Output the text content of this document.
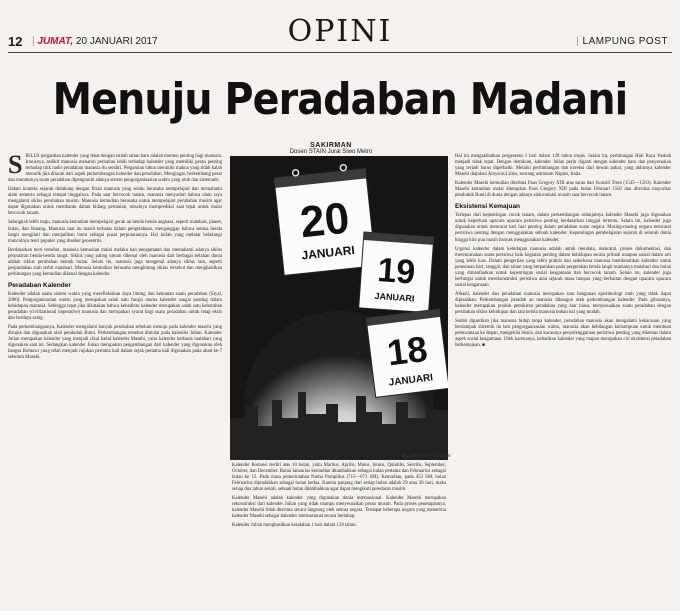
12 | JUMAT, 20 JANUARI 2017	OPINI	| LAMPUNG POST
Menuju Peradaban Madani
SAKIRMAN
Dosen STAIN Jurai Siwo Metro

SIKLUS pergantian kalender yang lekat dengan istilah tahun baru adalah momen penting bagi manusia. Ironisnya, sedikit manusia menaruh perhatian lebih terhadap kalender yang memiliki peran penting terhadap titik nadir peradaban manusia itu sendiri. Pergantian tahun memiliki makna yang tidak kalah menarik jika dilacak dari aspek perkembangan kalender dan peradaban. Mengingat, berkembang pesat dan mundurnya suatu peradaban dipengaruhi adanya sistem pengorganisasian waktu yang utuh dan sistematis.

Dalam konteks sejarah didukung dengan fitrah manusia yang selalu berusaha mempelajari dan memahami alam semesta sebagai tempat tinggalnya. Pada saat bercocok tanam, manusia menyadari bahwa alam raya mengalami siklus perubahan musim. Manusia kemudian berusaha untuk mempelajari perubahan musim agar dapat digunakan untuk membantu dalam bidang pertanian, misalnya memprediksi saat tepat untuk mulai bercocok tanam.

Selangkah lebih maju, manusia kemudian mempelajari gerak an benda benda angkasa, seperti matahari, planet, bulan, dan bintang. Manusia saat itu masih terbatas dalam pengetahuan, menganggap bahwa semua benda langit mengitari dan menjadikan bumi sebagai pusat perputarannya. Hal inilah yang melatar belakangi munculnya teori populer yang disebut geosentris.

Berdasarkan teori tersebut, manusia kemudian mulai melaku kan pengamatan dan memahami adanya siklus perputaran benda-benda langit. Siklus yang paling umum dikenal oleh manusia dari berbagai belahan dunia adalah siklus perubahan bentuk bulan. Selain itu, manusia juga mengenal adanya siklus lain, seperti perpindahan arah terbit matahari. Manusia kemudian berusaha menghitung siklus tersebut dan menghasilkan perhitungan yang kemudian dikenal dengan kalender.

Peradaban Kalender

Kalender adalah suatu sistem waktu yang merefleksikan daya linting dan kekuatan suatu peradaban (Siyal, 2000). Pengorganisasian waktu yang merupakan salah satu fungsi utama kalender sangat penting dalam kehidupan manusia. Sehingga tepat jika dikatakan bahwa kehadiran kalender merupakan salah satu kebutuhan peradaban (civilizational imperative) manusia dan merupakan syarat bagi suatu peradaban untuk tetap eksis dan berdaya saing.

Pada perkembangannya, Kalender mengalami banyak perubahan sebelum menuju pada kalender masehi yang dirujuk dan digunakan oleh penduduk Bumi. Perkembangan tersebut dimulai pada kalender Julian. Kalender Julian merupakan kalender yang menjadi cikal bakal kalender Masehi, yaitu kalender berbasis matahari yang digunakan saat ini. Sedangkan kalender Julian merupakan pengembangan dari kalender yang digunakan oleh bangsa Romawi yang telah menjadi rujukan pertama kali dalam sejak pertama kali digunakan pada abad ke-7 sebelum Masehi.

20
JANUARI 19
JANUARI
18
JANUARI
■ LAMPUNG POST/ADI

Kalender Romawi terdiri atas 10 bulan, yaitu Martius, Aprilis, Maius, Iunius, Quintilis, Sextilis, September, October, dan December. Bulan Ianuarius kemudian ditambahkan sebagai bulan pertama dan Februarius sebagai bulan ke 12. Pada masa pemerintahan Numa Pompilius (715—673 SM). Kemudian, pada 452 SM, bulan Februarius dipindahkan sebagai bulan kedua. Karena panjang dari setiap bulan adalah 29 atau 30 hari, maka setiap dua tahun sekali, sebuah bulan ditambahkan agar dapat mengikuti peredaran musim.

Kalender Masehi adalah kalender yang digunakan dunia internasional. Kalender Masehi merupakan rekonstruksi dari kalender Julian yang tidak mampu menyesuaikan peran musim. Pada proses penetapannya, kalender Masehi tidak diterima secara langsung oleh semua negara. Terdapat beberapa negara yang menerima kalender Masehi sebagai kalender internasional secara bertahap.

Kalender Julian menghasilkan kesalahan 1 hari dalam 128 tahun.

Hal ini mengakibatkan pergeseran 1 hari dalam 128 tahun tropis. Selain itu, perhitungan Hari Raya Paskah menjadi tidak tepat. Dengan demikian, kalender Julian perlu diganti dengan kalender baru dan penyesuaian yang terjadi harus diperbaiki. Melalui pertimbangan dan koreksi dari dewan pakar, yang akhirnya kalender Masehi diajukan Aloysius Lilius, seorang astronom Napies, Italia.

Kalender Masehi kemudian diterima Paus Gregory XIII atas saran dari Konsili Trent (1545—1563). Kalender Masehi kemudian mulai diterapkan Paus Gregory XIII pada bulan Februari 1582 dan diterima mayoritas penduduk Bumi di dunia dengan adanya sinkronisasi musim saat bercocok tanam.

Eksistensi Kemajuan

Terlepas dari kepentingan cocok tanam, dalam perkembangan selanjutnya kalender Masehi juga digunakan untuk keperluan upacara upacara peristiwa penting berdasarkan tanggal tertentu. Selain itu, kalender juga digunakan untuk mencatat hari hari penting dalam peradaban suatu negara. Masing-masing negara mencatat peristiwa penting dengan menggunakan sebuah kalender. Kepentingan pembelajaran sejarah di seluruh dunia hingga kini pun masih banyak menggunakan kalender.

Urgensi kalender dalam kehidupan manusia adalah untuk mendata, mencatat, proses dokumentasi, dan merencanakan suatu peristiwa baik kegiatan penting dalam kehidupan secara pribadi maupun sosial dalam arti yang lebih luas. Dalam pengertian yang lebih praktis dan sederhana manusia membutuhkan kalender untuk penentuan hari, tanggal, dan tahun yang berpatokan pada pergerakan benda langit utamanya matahari dan bulan yang dimanfaatkan untuk kepentingan sosial keagamaan dan bercocok tanam. Selain itu, kalender juga berfungsi untuk merekonstruksi peristiwa atau sejarah masa lampau yang berkaitan dengan upacara upacara sosial keagamaan.

Alhasil, kalender dan peradaban manusia merupakan satu bangunan epistimologi utuh yang tidak dapat dipisahkan. Perkembangan peradab an manusia dibangun oleh perkembangan kalender. Pada gilirannya, kalender merupakan produk pemikiran peradaban yang luar biasa, menyesuaikan suatu peradaban dengan perubahan siklus kehidupan dan tata kelola manusia bukan hal yang mudah.

Sudah dipastikan jika manusia hidup tanpa kalender, peradaban manusia akan mengalami kekacauan yang berdampak sistemik da lam pengorganisasian waktu, manusia akan kehilangan kemampuan untuk membuat perencanaan ke depan, mengelola bisnis, dan kacaunya penyelenggaraan peristiwa penting yang dikemas dalam aspek sosial keagamaan. Oleh karenanya, kehadiran kalender yang mapan merupakan ciri eksistensi peradaban berkemajuan. ■
